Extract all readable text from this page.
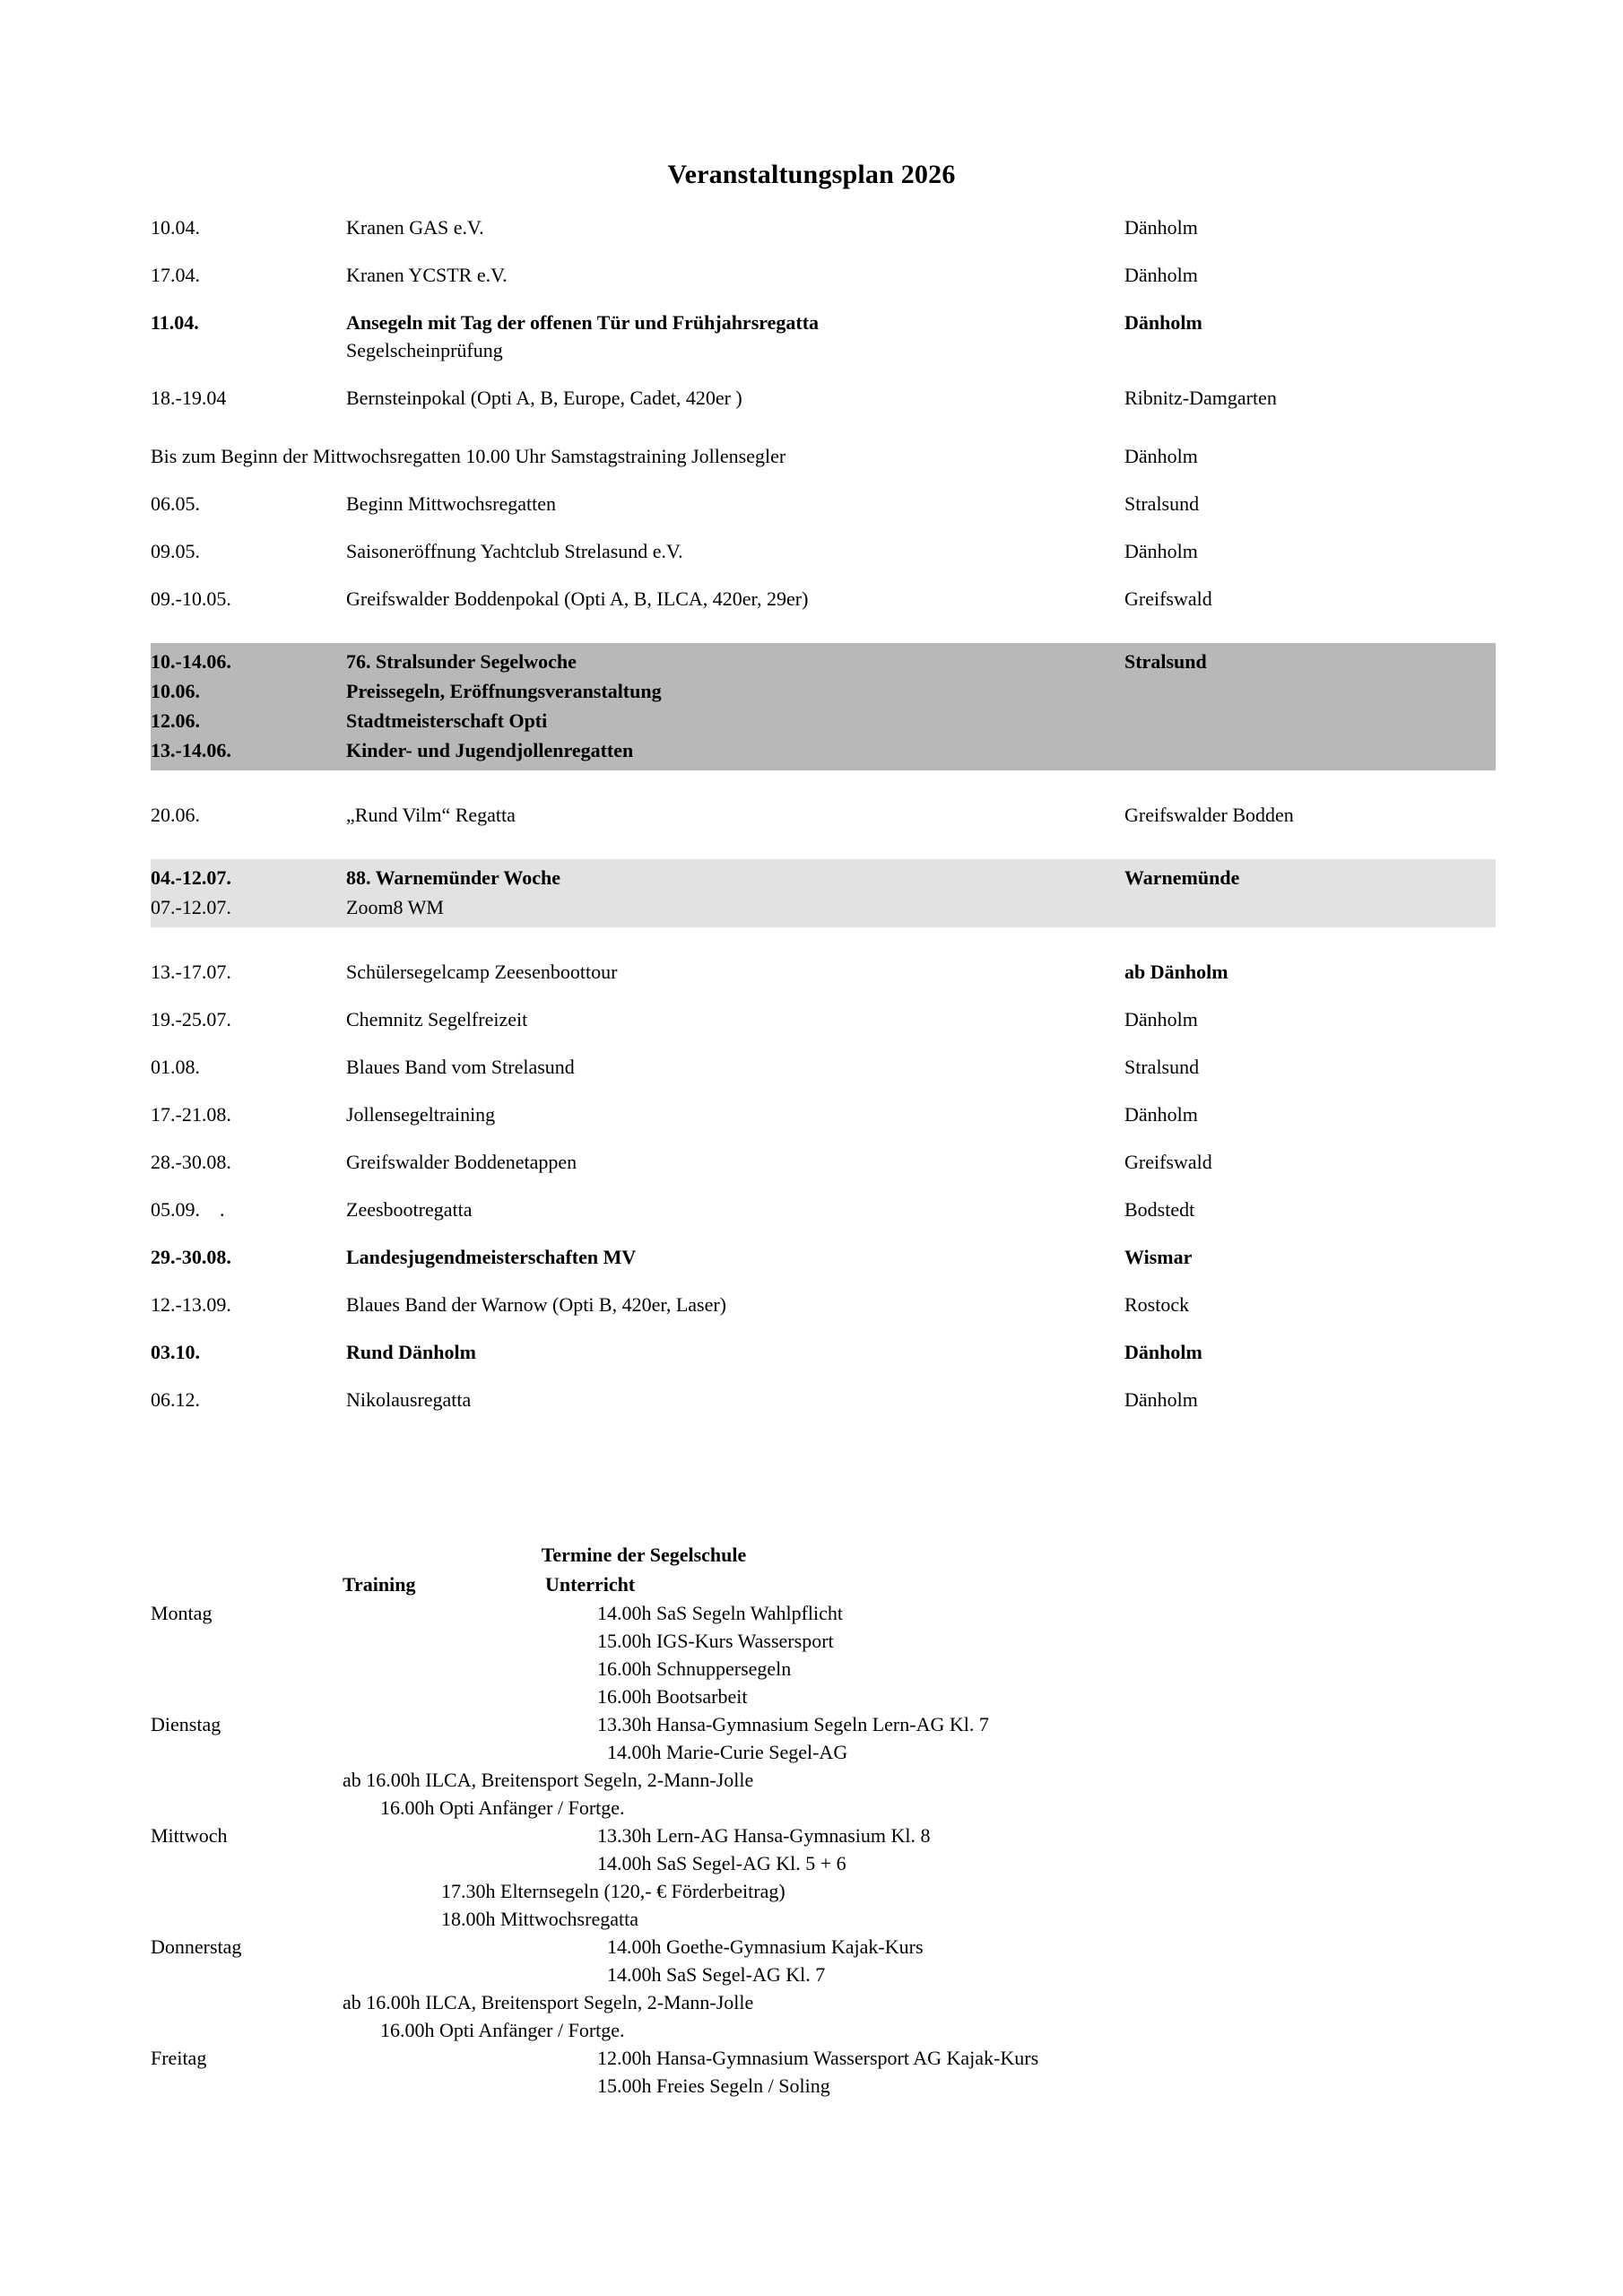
Veranstaltungsplan 2026
10.04.	Kranen GAS e.V.	Dänholm
17.04.	Kranen YCSTR e.V.	Dänholm
11.04.	Ansegeln mit Tag der offenen Tür und Frühjahrsregatta	Dänholm
Segelscheinprüfung
18.-19.04	Bernsteinpokal (Opti A, B, Europe, Cadet, 420er )	Ribnitz-Damgarten
Bis zum Beginn der Mittwochsregatten 10.00 Uhr Samstagstraining Jollensegler	Dänholm
06.05.	Beginn Mittwochsregatten	Stralsund
09.05.	Saisoneröffnung Yachtclub Strelasund e.V.	Dänholm
09.-10.05.	Greifswalder Boddenpokal (Opti A, B, ILCA, 420er, 29er)	Greifswald
10.-14.06.	76. Stralsunder Segelwoche	Stralsund
10.06.	Preissegeln, Eröffnungsveranstaltung
12.06.	Stadtmeisterschaft Opti
13.-14.06.	Kinder- und Jugendjollenregatten
20.06.	„Rund Vilm“ Regatta	Greifswalder Bodden
04.-12.07.	88. Warnemünder Woche	Warnemünde
07.-12.07.	Zoom8 WM
13.-17.07.	Schülersegelcamp Zeesenboottour	ab Dänholm
19.-25.07.	Chemnitz Segelfreizeit	Dänholm
01.08.	Blaues Band vom Strelasund	Stralsund
17.-21.08.	Jollensegeltraining	Dänholm
28.-30.08.	Greifswalder Boddenetappen	Greifswald
05.09.    .	Zeesbootregatta	Bodstedt
29.-30.08.	Landesjugendmeisterschaften MV	Wismar
12.-13.09.	Blaues Band der Warnow (Opti B, 420er, Laser)	Rostock
03.10.	Rund Dänholm	Dänholm
06.12.	Nikolausregatta	Dänholm
Termine der Segelschule
Training	Unterricht
Montag	14.00h SaS Segeln Wahlpflicht
15.00h IGS-Kurs Wassersport
16.00h Schnuppersegeln
16.00h Bootsarbeit
Dienstag	13.30h Hansa-Gymnasium Segeln Lern-AG Kl. 7
14.00h Marie-Curie Segel-AG
ab 16.00h ILCA, Breitensport Segeln, 2-Mann-Jolle
16.00h Opti Anfänger / Fortge.
Mittwoch	13.30h Lern-AG Hansa-Gymnasium Kl. 8
14.00h SaS Segel-AG Kl. 5 + 6
17.30h Elternsegeln (120,- € Förderbeitrag)
18.00h Mittwochsregatta
Donnerstag	14.00h Goethe-Gymnasium Kajak-Kurs
14.00h SaS Segel-AG Kl. 7
ab 16.00h ILCA, Breitensport Segeln, 2-Mann-Jolle
16.00h Opti Anfänger / Fortge.
Freitag	12.00h Hansa-Gymnasium Wassersport AG Kajak-Kurs
15.00h Freies Segeln / Soling
